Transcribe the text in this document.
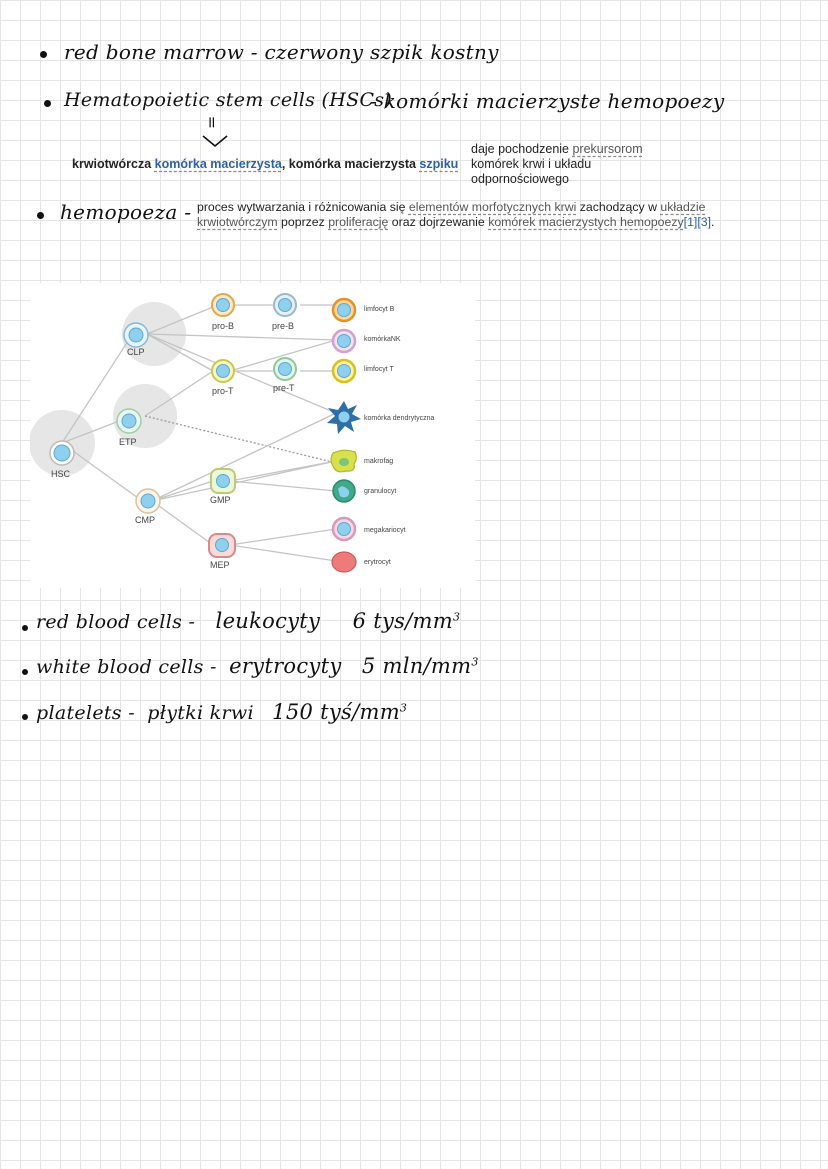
red bone marrow - czerwony szpik kostny
Hematopoietic stem cells (HSCs)
- komórki macierzyste hemopoezy
=
krwiotwórcza komórka macierzysta, komórka macierzysta szpiku
daje pochodzenie prekursorom
komórek krwi i układu
odpornościowego
hemopoeza - proces wytwarzania i różnicowania się elementów morfotycznych krwi zachodzący w układzie
krwiotwórczym poprzez proliferację oraz dojrzewanie komórek macierzystych hemopoezy[1][3].
HSC
CLP
ETP
CMP
pro-B	pre-B
pro-T	pre-T
GMP
MEP
limfocyt B
komórkaNK
limfocyt T
komórka dendrytyczna
makrofag
granulocyt
megakariocyt
erytrocyt
red blood cells - leukocyty 6 tys/$mm^3$
white blood cells - erytrocyty 5 mln/$mm^3$
platelets - płytki krwi 150 tyś/$mm^3$
